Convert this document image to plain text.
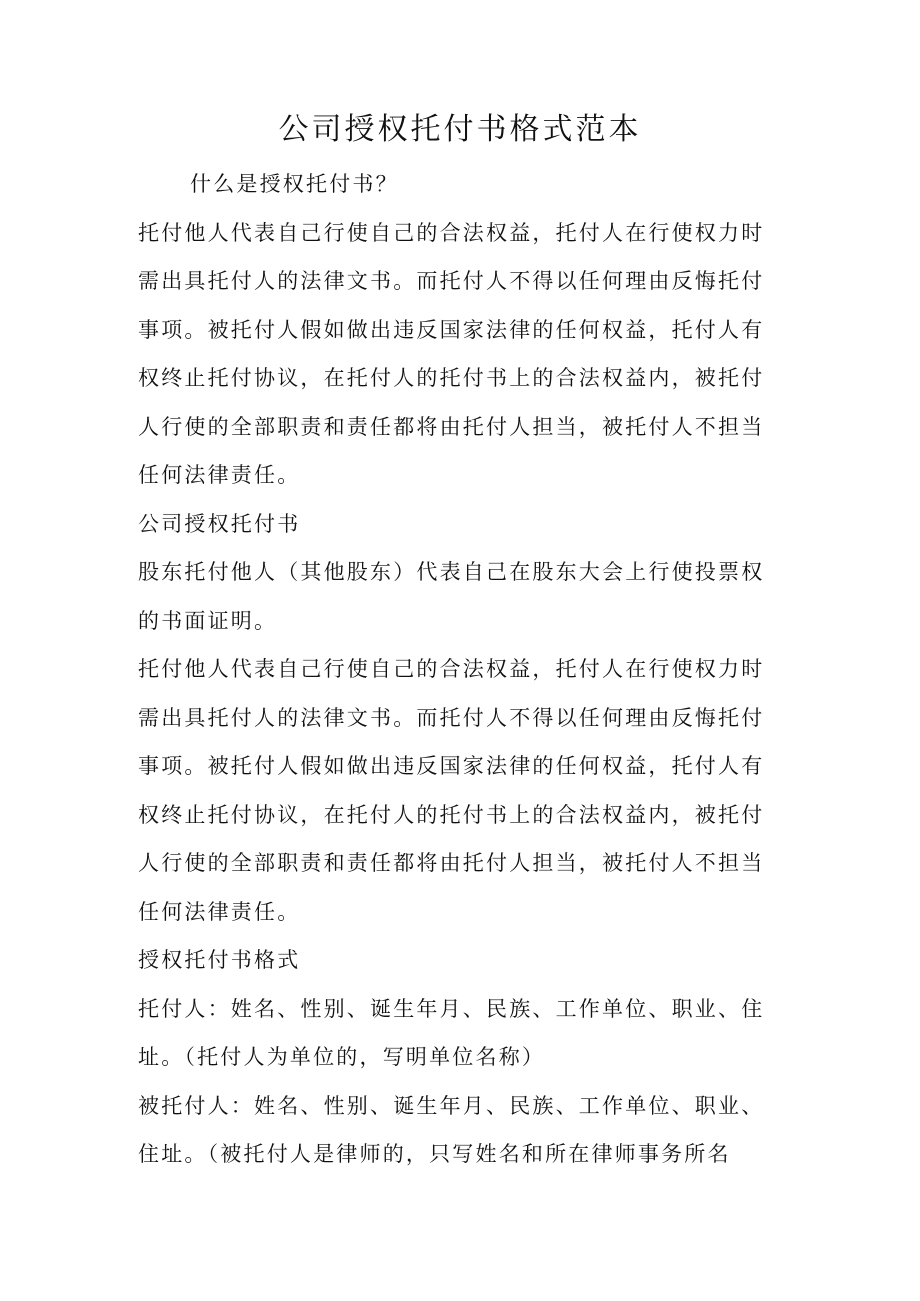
公司授权托付书格式范本

什么是授权托付书？

托付他人代表自己行使自己的合法权益，托付人在行使权力时需出具托付人的法律文书。而托付人不得以任何理由反悔托付事项。被托付人假如做出违反国家法律的任何权益，托付人有权终止托付协议，在托付人的托付书上的合法权益内，被托付人行使的全部职责和责任都将由托付人担当，被托付人不担当任何法律责任。

公司授权托付书

股东托付他人（其他股东）代表自己在股东大会上行使投票权的书面证明。

托付他人代表自己行使自己的合法权益，托付人在行使权力时需出具托付人的法律文书。而托付人不得以任何理由反悔托付事项。被托付人假如做出违反国家法律的任何权益，托付人有权终止托付协议，在托付人的托付书上的合法权益内，被托付人行使的全部职责和责任都将由托付人担当，被托付人不担当任何法律责任。

授权托付书格式

托付人：姓名、性别、诞生年月、民族、工作单位、职业、住址。（托付人为单位的，写明单位名称）

被托付人：姓名、性别、诞生年月、民族、工作单位、职业、住址。（被托付人是律师的，只写姓名和所在律师事务所名
